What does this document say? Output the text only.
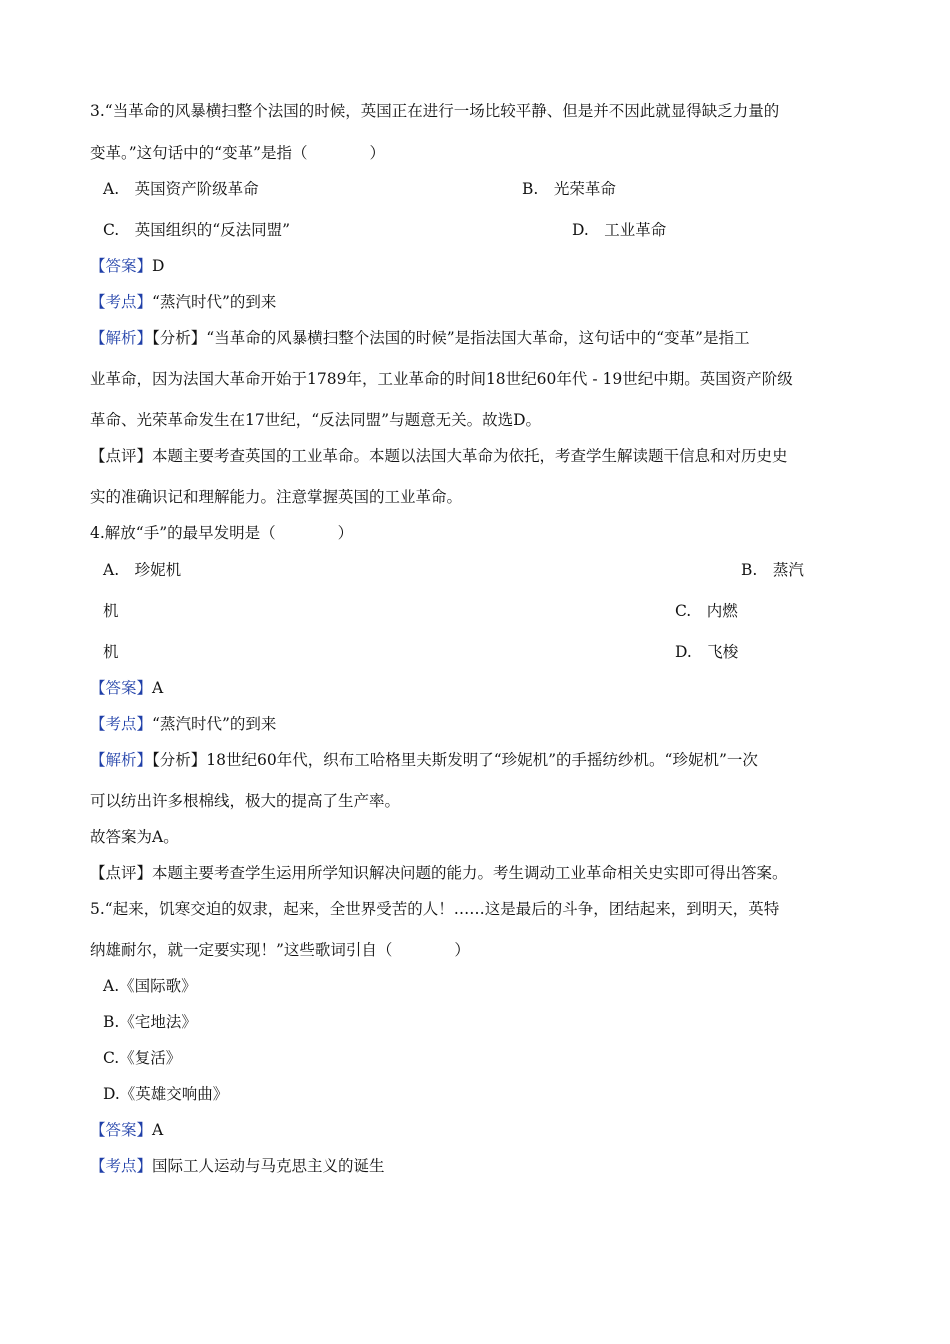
3.“当革命的风暴横扫整个法国的时候，英国正在进行一场比较平静、但是并不因此就显得缺乏力量的
变革。”这句话中的“变革”是指（　　　　）
A.　英国资产阶级革命	B.　光荣革命
C.　英国组织的“反法同盟”	D.　工业革命
【答案】D
【考点】“蒸汽时代”的到来
【解析】【分析】“当革命的风暴横扫整个法国的时候”是指法国大革命，这句话中的“变革”是指工
业革命，因为法国大革命开始于1789年，工业革命的时间18世纪60年代 - 19世纪中期。英国资产阶级
革命、光荣革命发生在17世纪，“反法同盟”与题意无关。故选D。
【点评】本题主要考查英国的工业革命。本题以法国大革命为依托，考查学生解读题干信息和对历史史
实的准确识记和理解能力。注意掌握英国的工业革命。
4.解放“手”的最早发明是（　　　　）
A.　珍妮机	B.　蒸汽
机	C.　内燃
机	D.　飞梭
【答案】A
【考点】“蒸汽时代”的到来
【解析】【分析】18世纪60年代，织布工哈格里夫斯发明了“珍妮机”的手摇纺纱机。“珍妮机”一次
可以纺出许多根棉线，极大的提高了生产率。
故答案为A。
【点评】本题主要考查学生运用所学知识解决问题的能力。考生调动工业革命相关史实即可得出答案。
5.“起来，饥寒交迫的奴隶，起来，全世界受苦的人！……这是最后的斗争，团结起来，到明天，英特
纳雄耐尔，就一定要实现！”这些歌词引自（　　　　）
A.《国际歌》
B.《宅地法》
C.《复活》
D.《英雄交响曲》
【答案】A
【考点】国际工人运动与马克思主义的诞生
